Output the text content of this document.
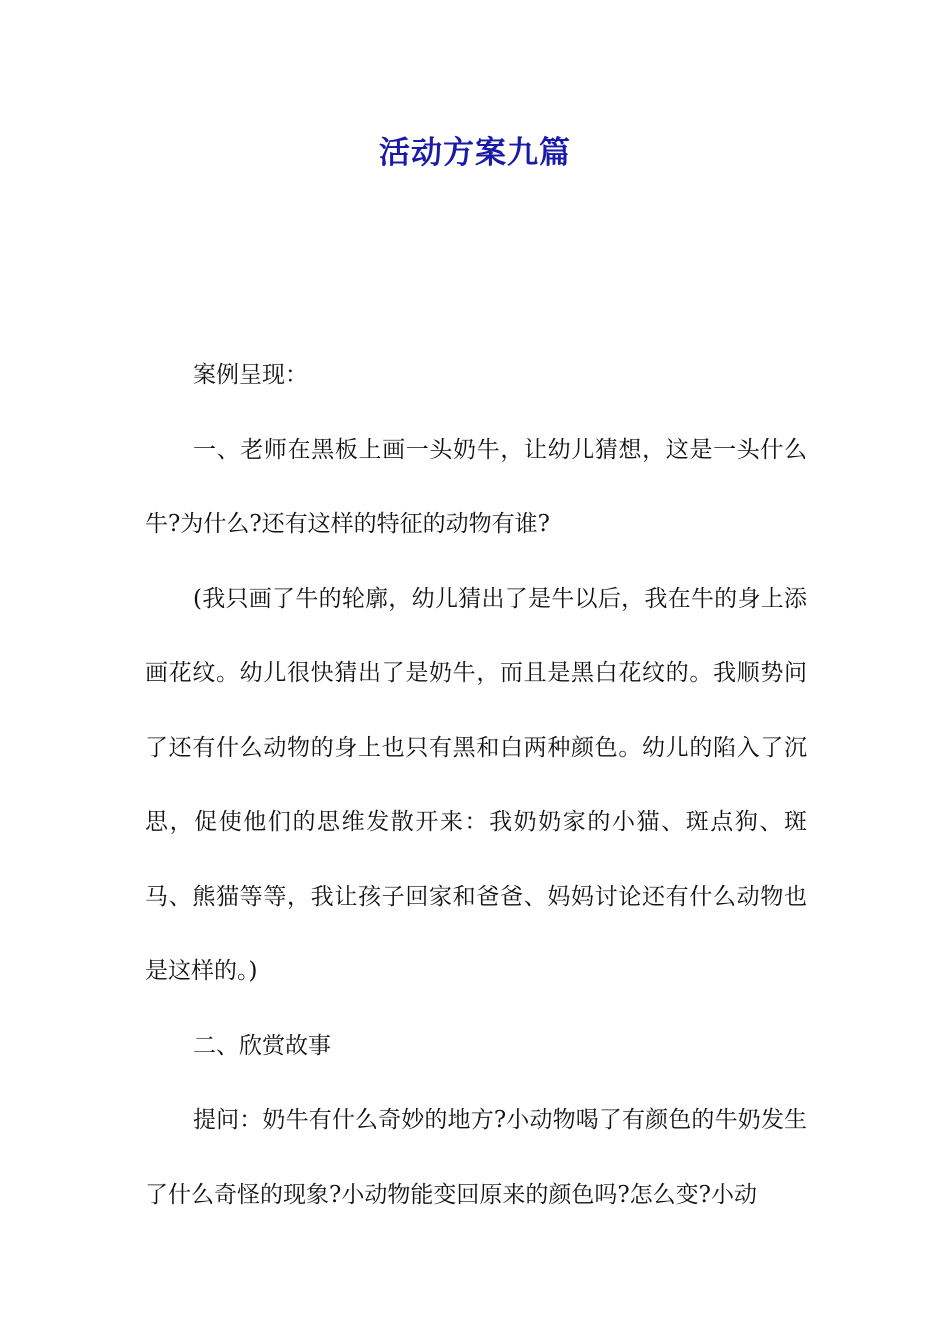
活动方案九篇

案例呈现：

一、老师在黑板上画一头奶牛，让幼儿猜想，这是一头什么牛?为什么?还有这样的特征的动物有谁?

(我只画了牛的轮廓，幼儿猜出了是牛以后，我在牛的身上添画花纹。幼儿很快猜出了是奶牛，而且是黑白花纹的。我顺势问了还有什么动物的身上也只有黑和白两种颜色。幼儿的陷入了沉思，促使他们的思维发散开来：我奶奶家的小猫、斑点狗、斑马、熊猫等等，我让孩子回家和爸爸、妈妈讨论还有什么动物也是这样的。)

二、欣赏故事

提问：奶牛有什么奇妙的地方?小动物喝了有颜色的牛奶发生了什么奇怪的现象?小动物能变回原来的颜色吗?怎么变?小动
